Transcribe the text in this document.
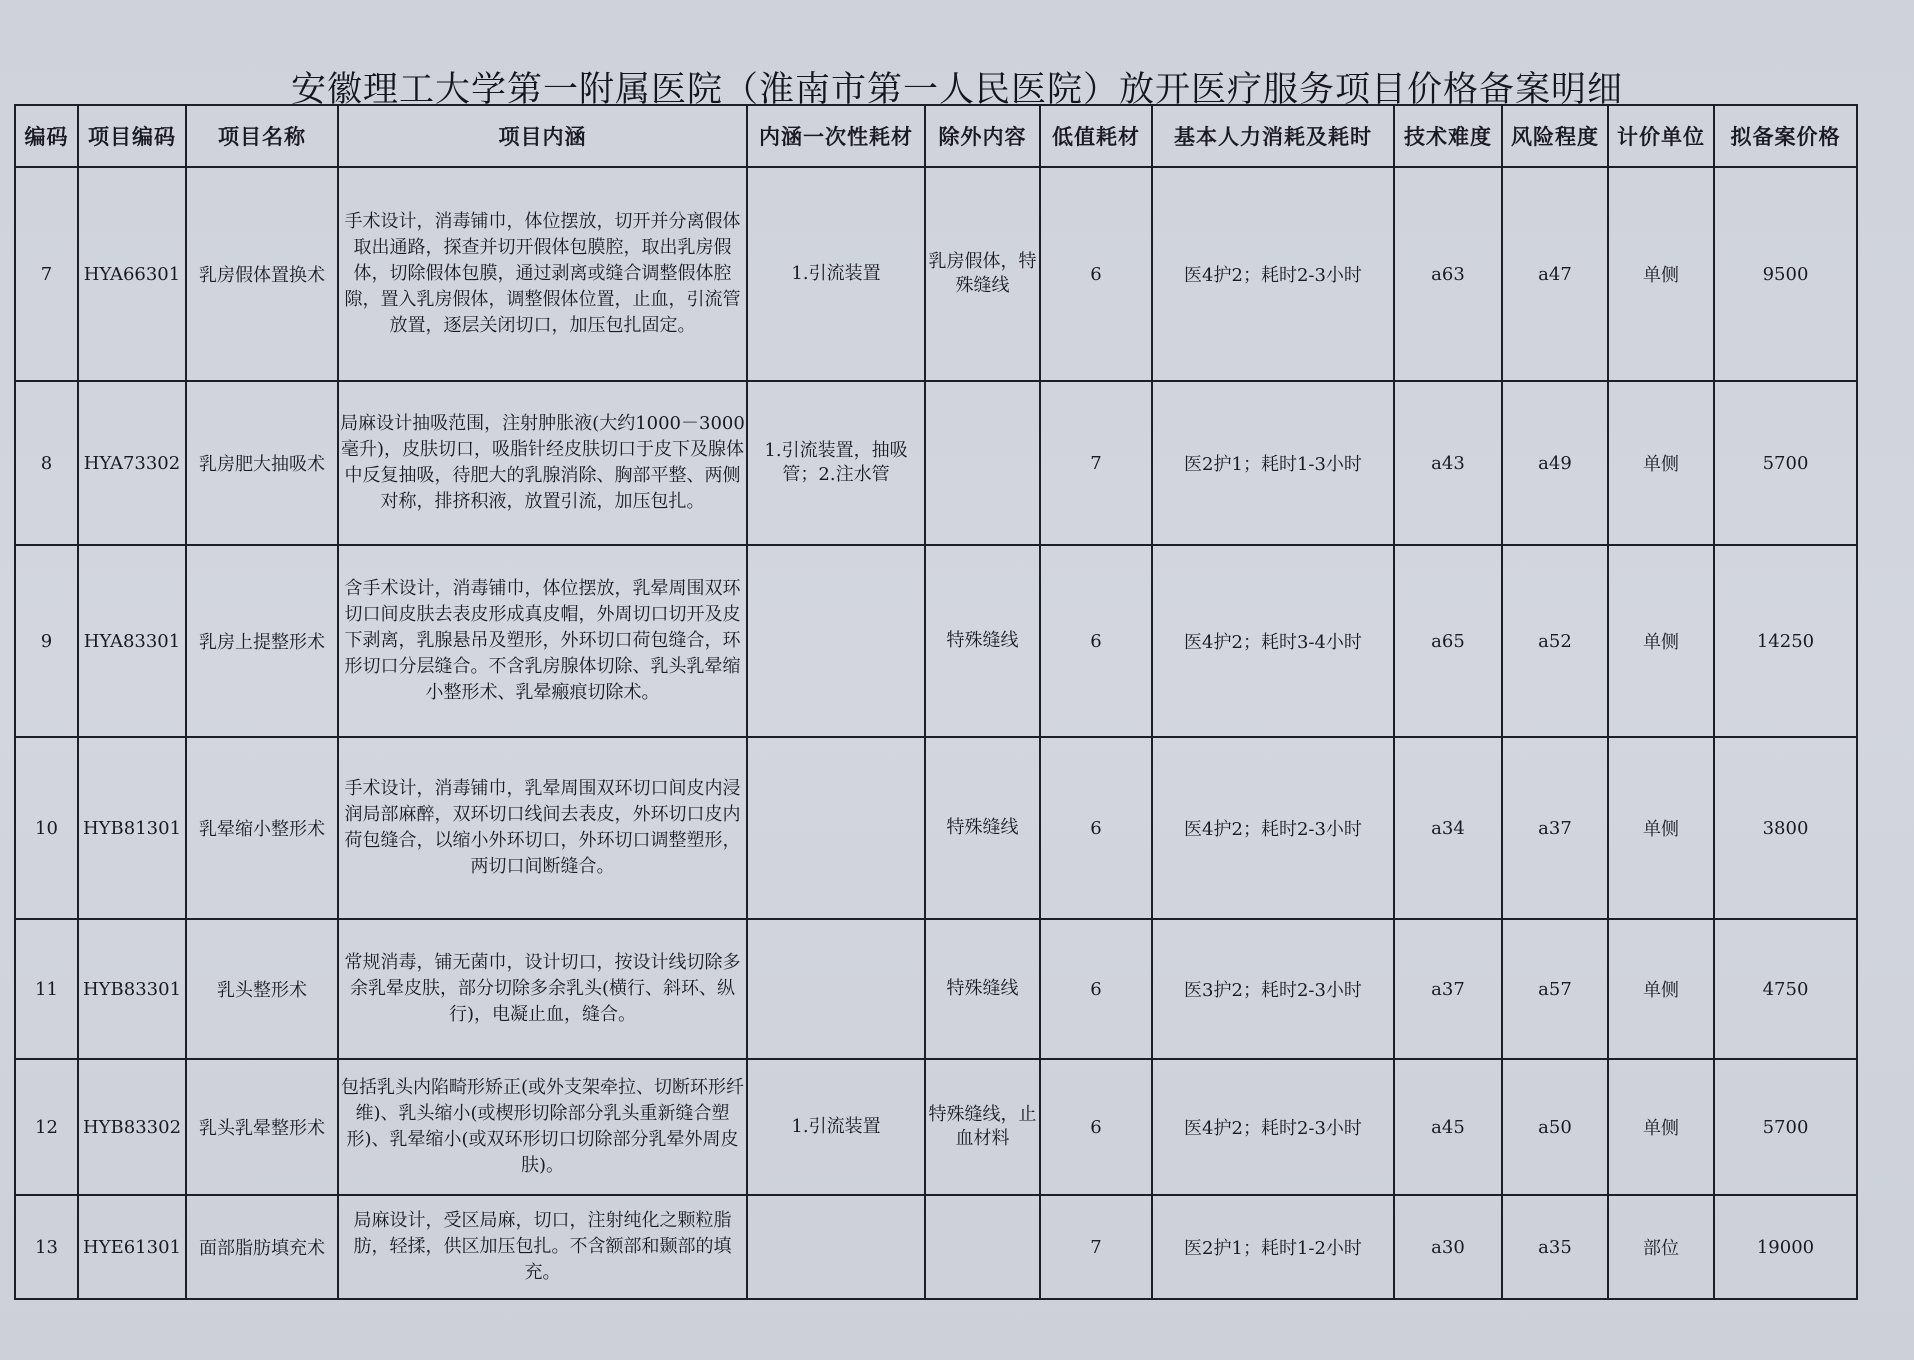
安徽理工大学第一附属医院（淮南市第一人民医院）放开医疗服务项目价格备案明细
编码	项目编码	项目名称	项目内涵	内涵一次性耗材	除外内容	低值耗材	基本人力消耗及耗时	技术难度	风险程度	计价单位	拟备案价格
7	HYA66301	乳房假体置换术	手术设计，消毒铺巾，体位摆放，切开并分离假体取出通路，探查并切开假体包膜腔，取出乳房假体，切除假体包膜，通过剥离或缝合调整假体腔隙，置入乳房假体，调整假体位置，止血，引流管放置，逐层关闭切口，加压包扎固定。	1.引流装置	乳房假体，特殊缝线	6	医4护2；耗时2-3小时	a63	a47	单侧	9500
8	HYA73302	乳房肥大抽吸术	局麻设计抽吸范围，注射肿胀液(大约1000－3000毫升)，皮肤切口，吸脂针经皮肤切口于皮下及腺体中反复抽吸，待肥大的乳腺消除、胸部平整、两侧对称，排挤积液，放置引流，加压包扎。	1.引流装置，抽吸管；2.注水管		7	医2护1；耗时1-3小时	a43	a49	单侧	5700
9	HYA83301	乳房上提整形术	含手术设计，消毒铺巾，体位摆放，乳晕周围双环切口间皮肤去表皮形成真皮帽，外周切口切开及皮下剥离，乳腺悬吊及塑形，外环切口荷包缝合，环形切口分层缝合。不含乳房腺体切除、乳头乳晕缩小整形术、乳晕瘢痕切除术。		特殊缝线	6	医4护2；耗时3-4小时	a65	a52	单侧	14250
10	HYB81301	乳晕缩小整形术	手术设计，消毒铺巾，乳晕周围双环切口间皮内浸润局部麻醉，双环切口线间去表皮，外环切口皮内荷包缝合，以缩小外环切口，外环切口调整塑形，两切口间断缝合。		特殊缝线	6	医4护2；耗时2-3小时	a34	a37	单侧	3800
11	HYB83301	乳头整形术	常规消毒，铺无菌巾，设计切口，按设计线切除多余乳晕皮肤，部分切除多余乳头(横行、斜环、纵行)，电凝止血，缝合。		特殊缝线	6	医3护2；耗时2-3小时	a37	a57	单侧	4750
12	HYB83302	乳头乳晕整形术	包括乳头内陷畸形矫正(或外支架牵拉、切断环形纤维)、乳头缩小(或楔形切除部分乳头重新缝合塑形)、乳晕缩小(或双环形切口切除部分乳晕外周皮肤)。	1.引流装置	特殊缝线，止血材料	6	医4护2；耗时2-3小时	a45	a50	单侧	5700
13	HYE61301	面部脂肪填充术	局麻设计，受区局麻，切口，注射纯化之颗粒脂肪，轻揉，供区加压包扎。不含额部和颞部的填充。			7	医2护1；耗时1-2小时	a30	a35	部位	19000
